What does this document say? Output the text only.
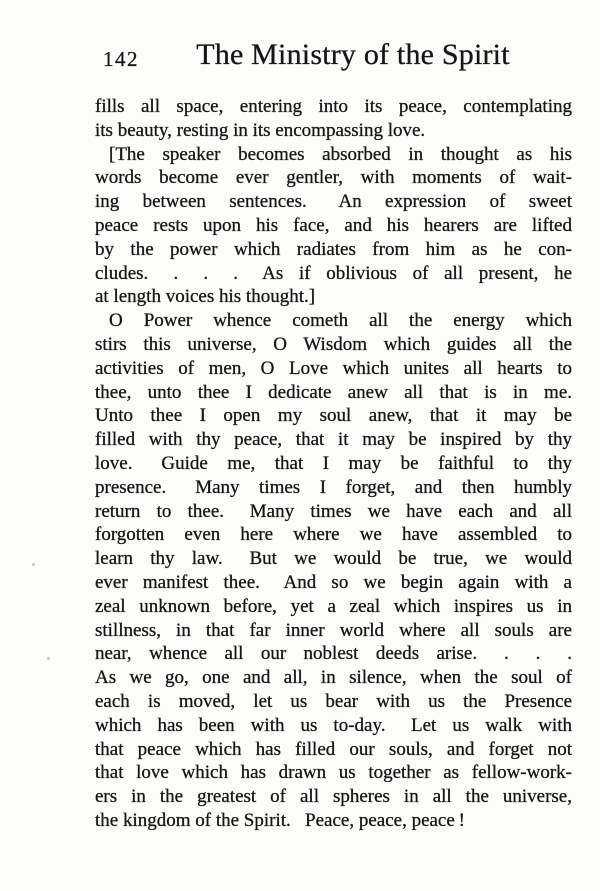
142 The Ministry of the Spirit
fills all space, entering into its peace, contemplating
its beauty, resting in its encompassing love.
[The speaker becomes absorbed in thought as his
words become ever gentler, with moments of wait-
ing between sentences.  An expression of sweet
peace rests upon his face, and his hearers are lifted
by the power which radiates from him as he con-
cludes.  .  .  .  As if oblivious of all present, he
at length voices his thought.]
O Power whence cometh all the energy which
stirs this universe, O Wisdom which guides all the
activities of men, O Love which unites all hearts to
thee, unto thee I dedicate anew all that is in me.
Unto thee I open my soul anew, that it may be
filled with thy peace, that it may be inspired by thy
love.  Guide me, that I may be faithful to thy
presence.  Many times I forget, and then humbly
return to thee.  Many times we have each and all
forgotten even here where we have assembled to
learn thy law.  But we would be true, we would
ever manifest thee.  And so we begin again with a
zeal unknown before, yet a zeal which inspires us in
stillness, in that far inner world where all souls are
near, whence all our noblest deeds arise.  .  .  .
As we go, one and all, in silence, when the soul of
each is moved, let us bear with us the Presence
which has been with us to-day.  Let us walk with
that peace which has filled our souls, and forget not
that love which has drawn us together as fellow-work-
ers in the greatest of all spheres in all the universe,
the kingdom of the Spirit.  Peace, peace, peace !
